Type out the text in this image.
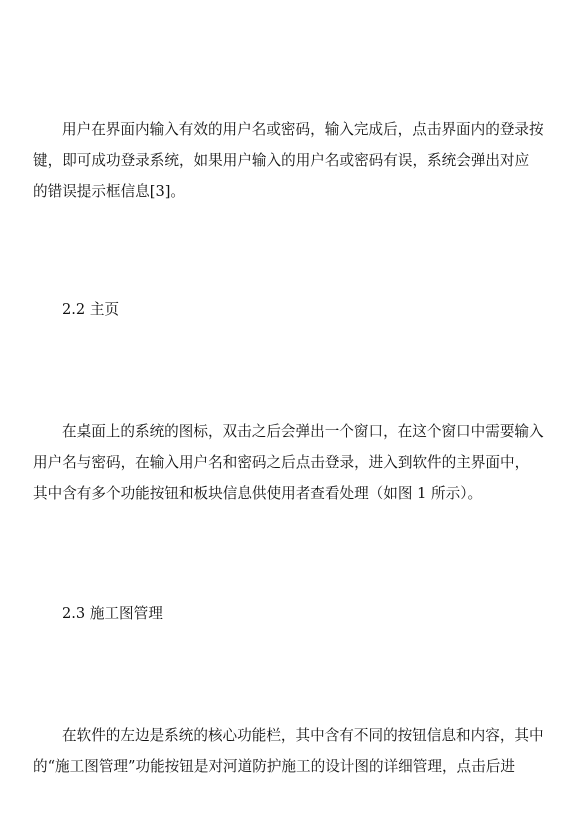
用户在界面内输入有效的用户名或密码，输入完成后，点击界面内的登录按
键，即可成功登录系统，如果用户输入的用户名或密码有误，系统会弹出对应
的错误提示框信息[3]。

2.2 主页

在桌面上的系统的图标，双击之后会弹出一个窗口，在这个窗口中需要输入
用户名与密码，在输入用户名和密码之后点击登录，进入到软件的主界面中，
其中含有多个功能按钮和板块信息供使用者查看处理（如图 1 所示）。

2.3 施工图管理

在软件的左边是系统的核心功能栏，其中含有不同的按钮信息和内容，其中
的“施工图管理”功能按钮是对河道防护施工的设计图的详细管理，点击后进
